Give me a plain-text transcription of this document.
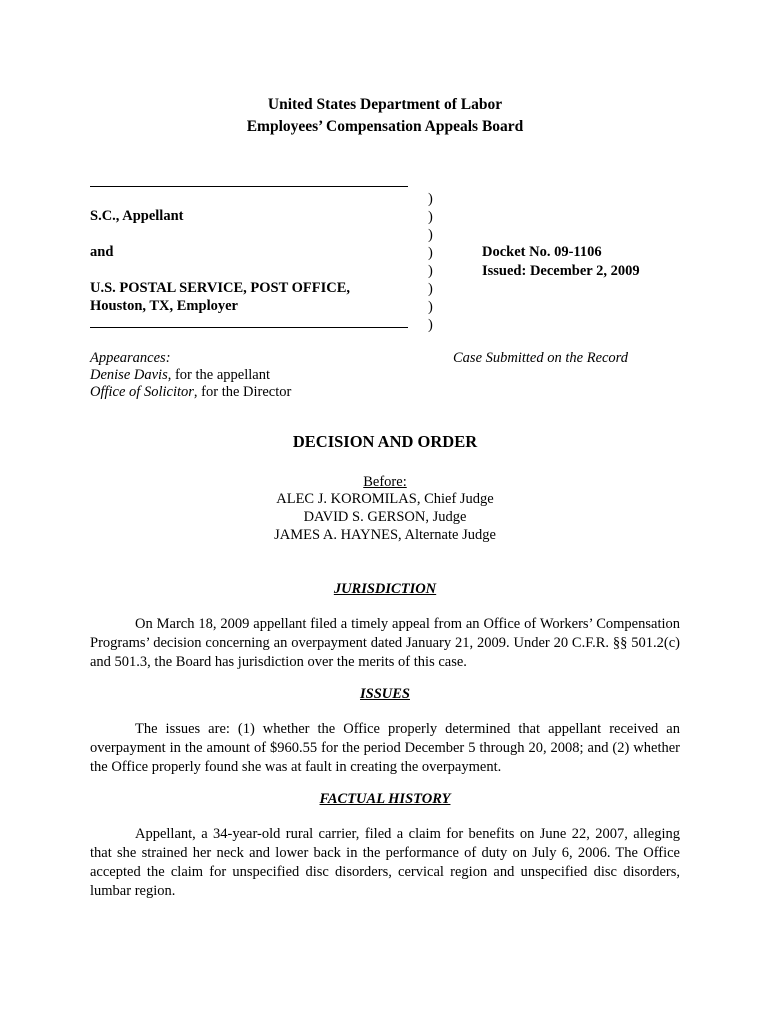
United States Department of Labor
Employees’ Compensation Appeals Board
S.C., Appellant
and
U.S. POSTAL SERVICE, POST OFFICE,
Houston, TX, Employer
)
)
)
)
)
)
)
)
Docket No. 09-1106
Issued: December 2, 2009
Appearances:
Denise Davis, for the appellant
Office of Solicitor, for the Director
Case Submitted on the Record
DECISION AND ORDER
Before:
ALEC J. KOROMILAS, Chief Judge
DAVID S. GERSON, Judge
JAMES A. HAYNES, Alternate Judge
JURISDICTION
On March 18, 2009 appellant filed a timely appeal from an Office of Workers’ Compensation Programs’ decision concerning an overpayment dated January 21, 2009. Under 20 C.F.R. §§ 501.2(c) and 501.3, the Board has jurisdiction over the merits of this case.
ISSUES
The issues are: (1) whether the Office properly determined that appellant received an overpayment in the amount of $960.55 for the period December 5 through 20, 2008; and (2) whether the Office properly found she was at fault in creating the overpayment.
FACTUAL HISTORY
Appellant, a 34-year-old rural carrier, filed a claim for benefits on June 22, 2007, alleging that she strained her neck and lower back in the performance of duty on July 6, 2006. The Office accepted the claim for unspecified disc disorders, cervical region and unspecified disc disorders, lumbar region.
